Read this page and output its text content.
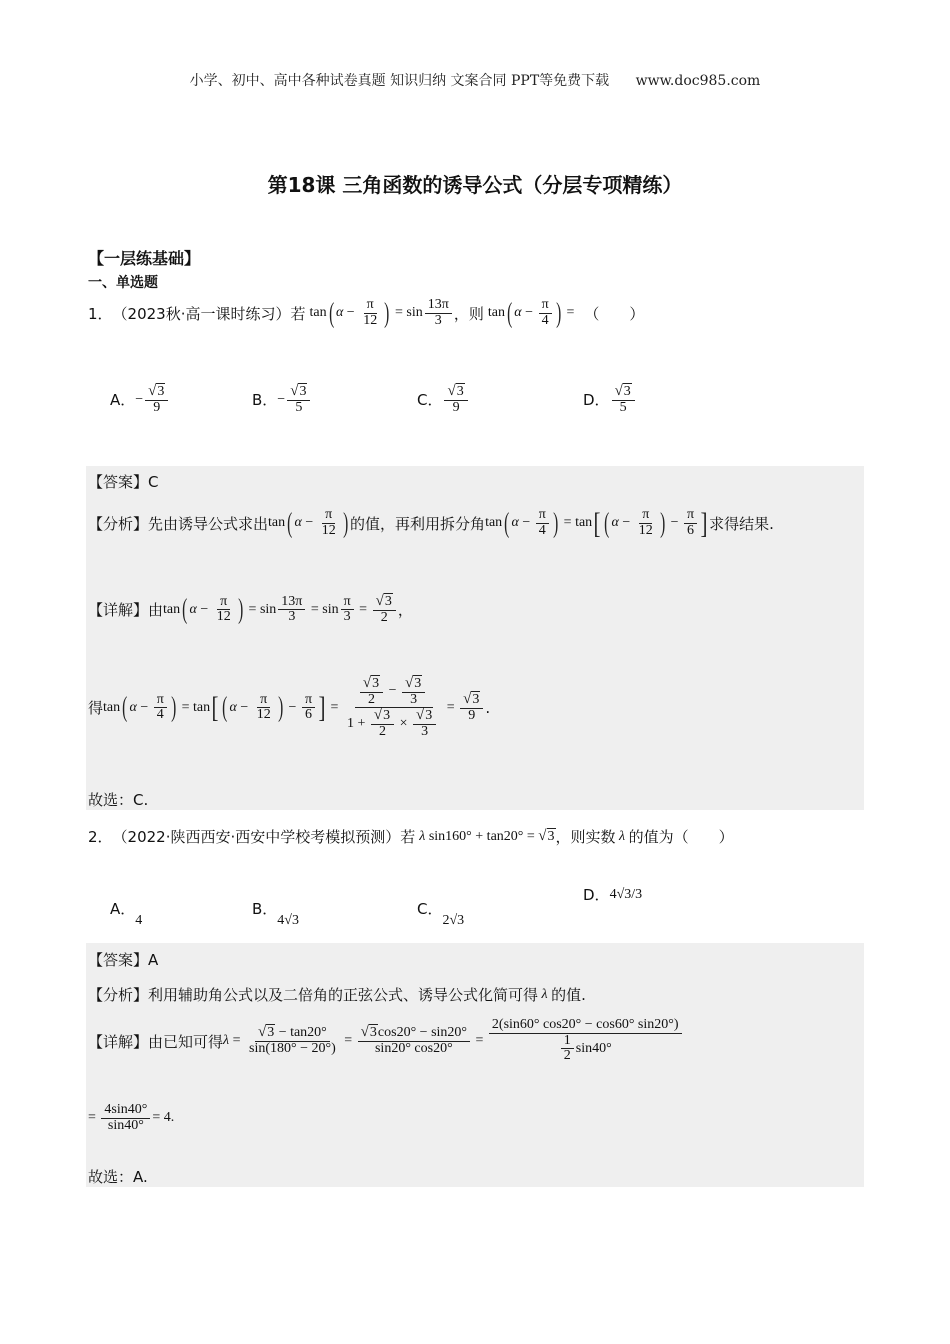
小学、初中、高中各种试卷真题 知识归纳 文案合同 PPT等免费下载 www.doc985.com
第18课 三角函数的诱导公式（分层专项精练）
【一层练基础】
一、单选题
1． （2023秋·高一课时练习）若 tan ( α −
π
12 ) = sin
13π
3 ，则 tan ( α −
π
4 ) = （　　）
A． − $\frac{√3}{9}$	B． − $\frac{√3}{5}$	C．
√3
9	D．
√3
5
【答案】C
【分析】先由诱导公式求出 tan ( α −
π
12 ) 的值，再利用拆分角 tan ( α −
π
4 ) = tan [ ( α −
π
12 ) −
π
6 ] 求得结果.
【详解】由 tan ( α −
π
12 ) = sin
13π
3 = sin
π
3 =
√3
2 ，
得 tan ( α −
π
4 ) = tan [ ( α −
π
12 ) −
π
6 ] =
√3
2
− √3
3
1 + √3
2
× √3
3
=
√3
9 .
故选：C.
2． （2022·陕西西安·西安中学校考模拟预测）若 λ sin160° + tan20° = √3 ，则实数 λ 的值为（　　）
A．
4
B．
4√3
C．
2√3
D． 4√3/3
【答案】A
【分析】利用辅助角公式以及二倍角的正弦公式、诱导公式化简可得 λ 的值.
【详解】由已知可得 λ =
√3 − tan20°
sin(180° − 20°)
=
√3cos20° − sin20°
sin20° cos20°
=
2(sin60° cos20° − cos60° sin20°)
1
2
sin40°
=
4sin40°
sin40° = 4.
故选：A.
